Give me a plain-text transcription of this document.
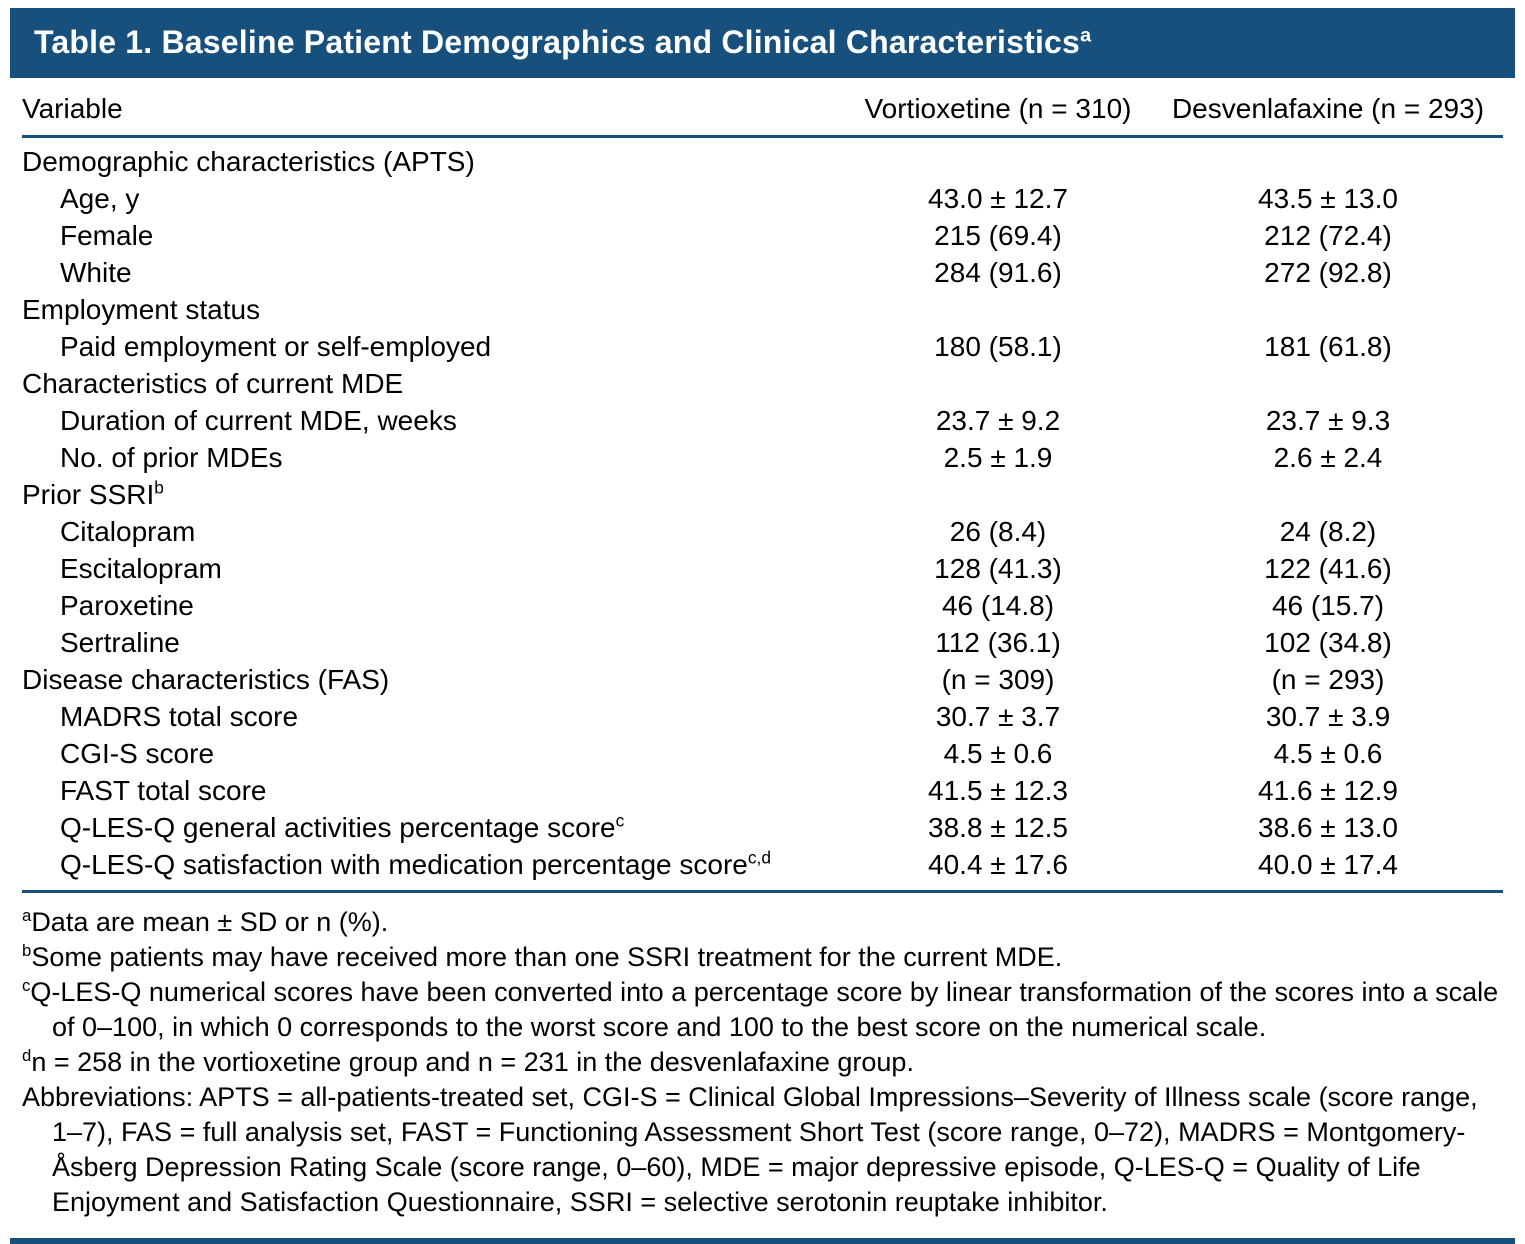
Table 1. Baseline Patient Demographics and Clinical Characteristics$^a$
Variable	Vortioxetine (n = 310)	Desvenlafaxine (n = 293)
Demographic characteristics (APTS)
Age, y	43.0 ± 12.7	43.5 ± 13.0
Female	215 (69.4)	212 (72.4)
White	284 (91.6)	272 (92.8)
Employment status
Paid employment or self-employed	180 (58.1)	181 (61.8)
Characteristics of current MDE
Duration of current MDE, weeks	23.7 ± 9.2	23.7 ± 9.3
No. of prior MDEs	2.5 ± 1.9	2.6 ± 2.4
Prior SSRI$^b$
Citalopram	26 (8.4)	24 (8.2)
Escitalopram	128 (41.3)	122 (41.6)
Paroxetine	46 (14.8)	46 (15.7)
Sertraline	112 (36.1)	102 (34.8)
Disease characteristics (FAS)	(n = 309)	(n = 293)
MADRS total score	30.7 ± 3.7	30.7 ± 3.9
CGI-S score	4.5 ± 0.6	4.5 ± 0.6
FAST total score	41.5 ± 12.3	41.6 ± 12.9
Q-LES-Q general activities percentage score$^c$	38.8 ± 12.5	38.6 ± 13.0
Q-LES-Q satisfaction with medication percentage score$^{c,d}$	40.4 ± 17.6	40.0 ± 17.4

$^a$Data are mean ± SD or n (%).

$^b$Some patients may have received more than one SSRI treatment for the current MDE.

$^c$Q-LES-Q numerical scores have been converted into a percentage score by linear transformation of the scores into a scale of 0–100, in which 0 corresponds to the worst score and 100 to the best score on the numerical scale.

$^d$n = 258 in the vortioxetine group and n = 231 in the desvenlafaxine group.

Abbreviations: APTS = all-patients-treated set, CGI-S = Clinical Global Impressions–Severity of Illness scale (score range, 1–7), FAS = full analysis set, FAST = Functioning Assessment Short Test (score range, 0–72), MADRS = Montgomery-Åsberg Depression Rating Scale (score range, 0–60), MDE = major depressive episode, Q-LES-Q = Quality of Life Enjoyment and Satisfaction Questionnaire, SSRI = selective serotonin reuptake inhibitor.
